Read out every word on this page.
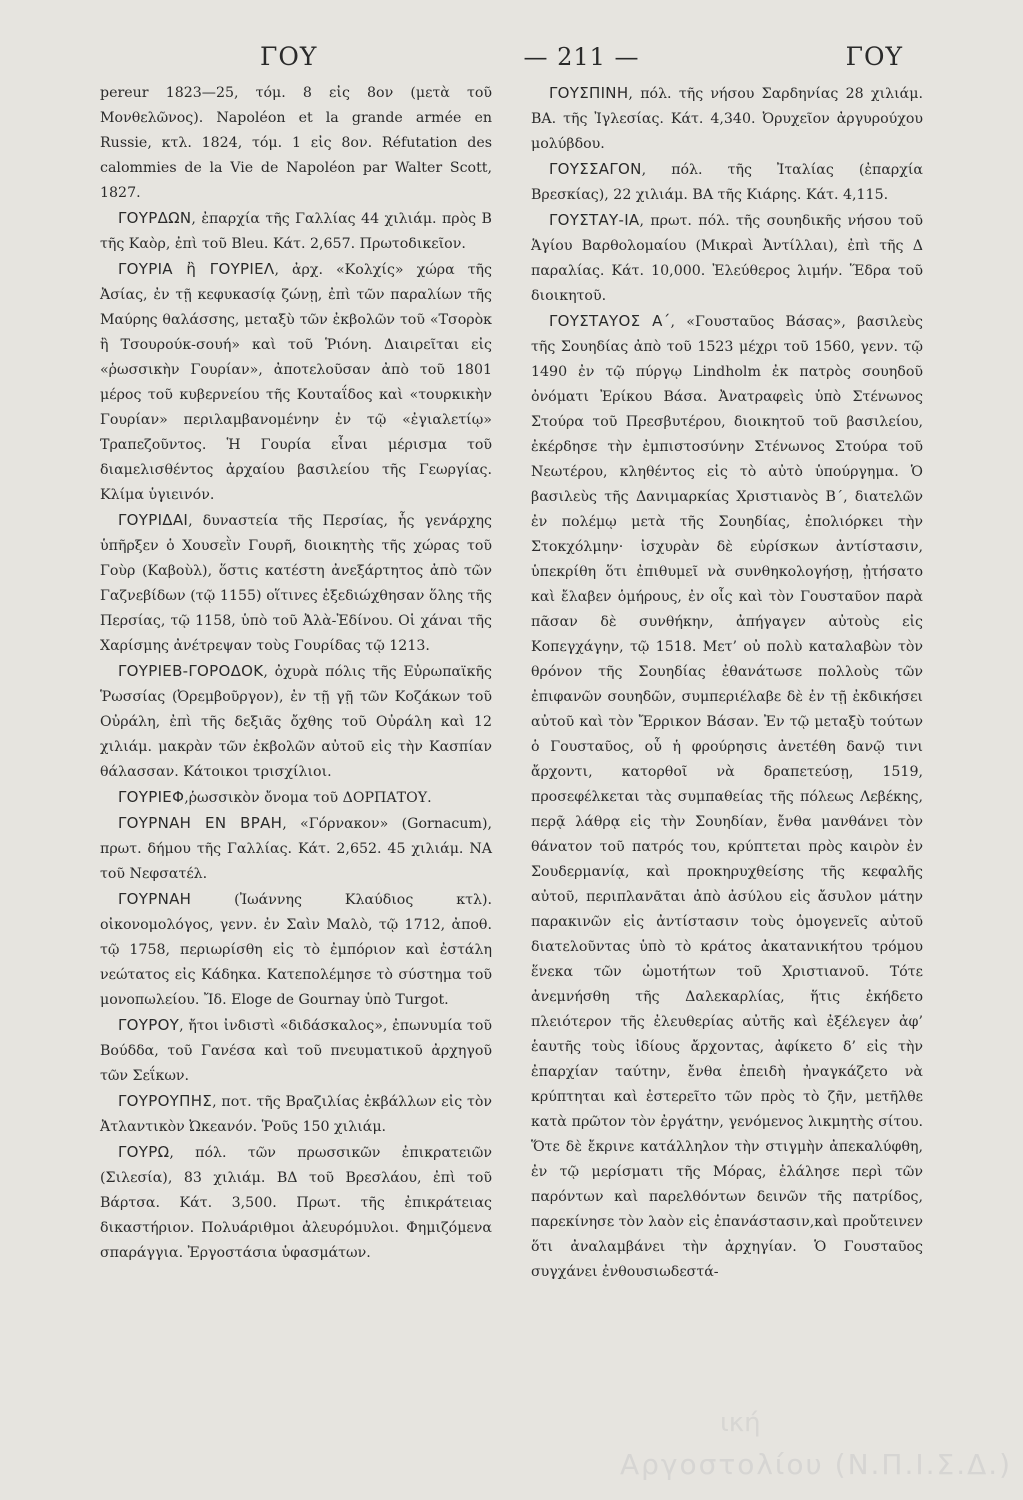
ΓΟΥ	— 211 —	ΓΟΥ

pereur 1823—25, τόμ. 8 εἰς 8ον (μετὰ τοῦ Μονθελῶνος). Napoléon et la grande armée en Russie, κτλ. 1824, τόμ. 1 εἰς 8ον. Réfutation des calommies de la Vie de Napoléon par Walter Scott, 1827.

ΓΟΥΡΔΩΝ, ἐπαρχία τῆς Γαλλίας 44 χιλιάμ. πρὸς Β τῆς Καὸρ, ἐπὶ τοῦ Bleu. Κάτ. 2,657. Πρωτοδικεῖον.

ΓΟΥΡΙΑ ἢ ΓΟΥΡΙΕΛ, ἀρχ. «Κολχίς» χώρα τῆς Ἀσίας, ἐν τῇ κεφυκασίᾳ ζώνῃ, ἐπὶ τῶν παραλίων τῆς Μαύρης θαλάσσης, μεταξὺ τῶν ἐκβολῶν τοῦ «Τσορὸκ ἢ Τσουρούκ-σουή» καὶ τοῦ Ῥιόνη. Διαιρεῖται εἰς «ῥωσσικὴν Γουρίαν», ἀποτελοῦσαν ἀπὸ τοῦ 1801 μέρος τοῦ κυβερνείου τῆς Κουταΐδος καὶ «τουρκικὴν Γουρίαν» περιλαμβανομένην ἐν τῷ «ἐγιαλετίῳ» Τραπεζοῦντος. Ἡ Γουρία εἶναι μέρισμα τοῦ διαμελισθέντος ἀρχαίου βασιλείου τῆς Γεωργίας. Κλίμα ὑγιεινόν.

ΓΟΥΡΙΔΑΙ, δυναστεία τῆς Περσίας, ἧς γενάρχης ὑπῆρξεν ὁ Χουσεῒν Γουρῆ, διοικητὴς τῆς χώρας τοῦ Γοὺρ (Καβοὺλ), ὅστις κατέστη ἀνεξάρτητος ἀπὸ τῶν Γαζνεβίδων (τῷ 1155) οἵτινες ἐξεδιώχθησαν ὅλης τῆς Περσίας, τῷ 1158, ὑπὸ τοῦ Ἀλὰ-Ἐδίνου. Οἱ χάναι τῆς Χαρίσμης ἀνέτρεψαν τοὺς Γουρίδας τῷ 1213.

ΓΟΥΡΙΕΒ-ΓΟΡΟΔΟΚ, ὀχυρὰ πόλις τῆς Εὐρωπαϊκῆς Ῥωσσίας (Ὀρεμβοῦργον), ἐν τῇ γῇ τῶν Κοζάκων τοῦ Οὐράλη, ἐπὶ τῆς δεξιᾶς ὄχθης τοῦ Οὐράλη καὶ 12 χιλιάμ. μακρὰν τῶν ἐκβολῶν αὐτοῦ εἰς τὴν Κασπίαν θάλασσαν. Κάτοικοι τρισχίλιοι.

ΓΟΥΡΙΕΦ,ῥωσσικὸν ὄνομα τοῦ ΔΟΡΠΑΤΟΥ.

ΓΟΥΡΝΑΗ ΕΝ ΒΡΑΗ, «Γόρνακον» (Gornacum), πρωτ. δήμου τῆς Γαλλίας. Κάτ. 2,652. 45 χιλιάμ. ΝΑ τοῦ Νεφσατέλ.

ΓΟΥΡΝΑΗ (Ἰωάννης Κλαύδιος κτλ). οἰκονομολόγος, γενν. ἐν Σαὶν Μαλὸ, τῷ 1712, ἀποθ. τῷ 1758, περιωρίσθη εἰς τὸ ἐμπόριον καὶ ἐστάλη νεώτατος εἰς Κάδηκα. Κατεπολέμησε τὸ σύστημα τοῦ μονοπωλείου. Ἴδ. Eloge de Gournay ὑπὸ Turgot.

ΓΟΥΡΟΥ, ἤτοι ἰνδιστὶ «διδάσκαλος», ἐπωνυμία τοῦ Βούδδα, τοῦ Γανέσα καὶ τοῦ πνευματικοῦ ἀρχηγοῦ τῶν Σεΐκων.

ΓΟΥΡΟΥΠΗΣ, ποτ. τῆς Βραζιλίας ἐκβάλλων εἰς τὸν Ἀτλαντικὸν Ὠκεανόν. Ῥοῦς 150 χιλιάμ.

ΓΟΥΡΩ, πόλ. τῶν πρωσσικῶν ἐπικρατειῶν (Σιλεσία), 83 χιλιάμ. ΒΔ τοῦ Βρεσλάου, ἐπὶ τοῦ Βάρτσα. Κάτ. 3,500. Πρωτ. τῆς ἐπικράτειας δικαστήριον. Πολυάριθμοι ἀλευρόμυλοι. Φημιζόμενα σπαράγγια. Ἐργοστάσια ὑφασμάτων.

ΓΟΥΣΠΙΝΗ, πόλ. τῆς νήσου Σαρδηνίας 28 χιλιάμ. ΒΑ. τῆς Ἰγλεσίας. Κάτ. 4,340. Ὀρυχεῖον ἀργυρούχου μολύβδου.

ΓΟΥΣΣΑΓΟΝ, πόλ. τῆς Ἰταλίας (ἐπαρχία Βρεσκίας), 22 χιλιάμ. ΒΑ τῆς Κιάρης. Κάτ. 4,115.

ΓΟΥΣΤΑΥ-ΙΑ, πρωτ. πόλ. τῆς σουηδικῆς νήσου τοῦ Ἁγίου Βαρθολομαίου (Μικραὶ Ἀντίλλαι), ἐπὶ τῆς Δ παραλίας. Κάτ. 10,000. Ἐλεύθερος λιμήν. Ἕδρα τοῦ διοικητοῦ.

ΓΟΥΣΤΑΥΟΣ Α΄, «Γουσταῦος Βάσας», βασιλεὺς τῆς Σουηδίας ἀπὸ τοῦ 1523 μέχρι τοῦ 1560, γενν. τῷ 1490 ἐν τῷ πύργῳ Lindholm ἐκ πατρὸς σουηδοῦ ὀνόματι Ἐρίκου Βάσα. Ἀνατραφεὶς ὑπὸ Στένωνος Στούρα τοῦ Πρεσβυτέρου, διοικητοῦ τοῦ βασιλείου, ἐκέρδησε τὴν ἐμπιστοσύνην Στένωνος Στούρα τοῦ Νεωτέρου, κληθέντος εἰς τὸ αὐτὸ ὑπούργημα. Ὁ βασιλεὺς τῆς Δανιμαρκίας Χριστιανὸς Β΄, διατελῶν ἐν πολέμῳ μετὰ τῆς Σουηδίας, ἐπολιόρκει τὴν Στοκχόλμην· ἰσχυρὰν δὲ εὑρίσκων ἀντίστασιν, ὑπεκρίθη ὅτι ἐπιθυμεῖ νὰ συνθηκολογήσῃ, ᾐτήσατο καὶ ἔλαβεν ὁμήρους, ἐν οἷς καὶ τὸν Γουσταῦον παρὰ πᾶσαν δὲ συνθήκην, ἀπήγαγεν αὐτοὺς εἰς Κοπεγχάγην, τῷ 1518. Μετ’ οὐ πολὺ καταλαβὼν τὸν θρόνον τῆς Σουηδίας ἐθανάτωσε πολλοὺς τῶν ἐπιφανῶν σουηδῶν, συμπεριέλαβε δὲ ἐν τῇ ἐκδικήσει αὐτοῦ καὶ τὸν Ἔρρικον Βάσαν. Ἐν τῷ μεταξὺ τούτων ὁ Γουσταῦος, οὗ ἡ φρούρησις ἀνετέθη δανῷ τινι ἄρχοντι, κατορθοῖ νὰ δραπετεύσῃ, 1519, προσεφέλκεται τὰς συμπαθείας τῆς πόλεως Λεβέκης, περᾷ λάθρᾳ εἰς τὴν Σουηδίαν, ἔνθα μανθάνει τὸν θάνατον τοῦ πατρός του, κρύπτεται πρὸς καιρὸν ἐν Σουδερμανίᾳ, καὶ προκηρυχθείσης τῆς κεφαλῆς αὐτοῦ, περιπλανᾶται ἀπὸ ἀσύλου εἰς ἄσυλον μάτην παρακινῶν εἰς ἀντίστασιν τοὺς ὁμογενεῖς αὐτοῦ διατελοῦντας ὑπὸ τὸ κράτος ἀκατανικήτου τρόμου ἕνεκα τῶν ὠμοτήτων τοῦ Χριστιανοῦ. Τότε ἀνεμνήσθη τῆς Δαλεκαρλίας, ἥτις ἐκήδετο πλειότερον τῆς ἐλευθερίας αὐτῆς καὶ ἐξέλεγεν ἀφ’ ἑαυτῆς τοὺς ἰδίους ἄρχοντας, ἀφίκετο δ’ εἰς τὴν ἐπαρχίαν ταύτην, ἔνθα ἐπειδὴ ἠναγκάζετο νὰ κρύπτηται καὶ ἐστερεῖτο τῶν πρὸς τὸ ζῆν, μετῆλθε κατὰ πρῶτον τὸν ἐργάτην, γενόμενος λικμητὴς σίτου. Ὅτε δὲ ἔκρινε κατάλληλον τὴν στιγμὴν ἀπεκαλύφθη, ἐν τῷ μερίσματι τῆς Μόρας, ἐλάλησε περὶ τῶν παρόντων καὶ παρελθόντων δεινῶν τῆς πατρίδος, παρεκίνησε τὸν λαὸν εἰς ἐπανάστασιν,καὶ προὔτεινεν ὅτι ἀναλαμβάνει τὴν ἀρχηγίαν. Ὁ Γουσταῦος συγχάνει ἐνθουσιωδεστά-

ική
Αργοστολίου (Ν.Π.Ι.Σ.Δ.)
